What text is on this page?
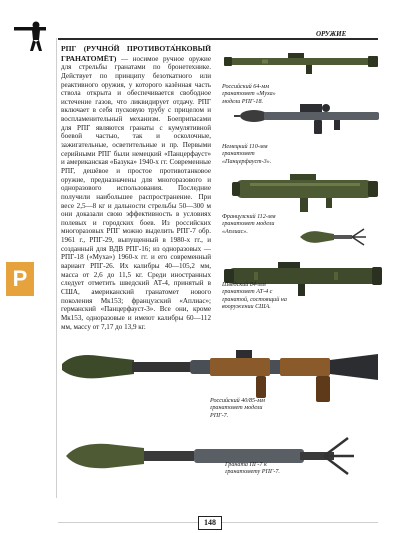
ОРУЖИЕ
Р
РПГ (РУЧНО́Й ПРОТИВОТА́НКОВЫЙ ГРАНАТОМЁТ) — носимое ручное оружие для стрельбы гранатами по бронетехнике. Действует по принципу безоткатного или реактивного оружия, у которого казённая часть ствола открыта и обеспечивается свободное истечение газов, что ликвидирует отдачу. РПГ включает в себя пусковую трубу с прицелом и воспламенительный механизм. Боеприпасами для РПГ являются гранаты с кумулятивной боевой частью, так и осколочные, зажигательные, осветительные и пр. Первыми серийными РПГ были немецкий «Панцерфауст» и американская «Базука» 1940-х гг. Современные РПГ, дешёвое и простое противотанковое оружие, предназначены для многоразового и одноразового использования. Последние получили наибольшее распространение. При весе 2,5—8 кг и дальности стрельбы 50—300 м они доказали свою эффективность в условиях полевых и городских боев. Из российских многоразовых РПГ можно выделить РПГ-7 обр. 1961 г., РПГ-29, выпущенный в 1980-х гг., и созданный для ВДВ РПГ-16; из одноразовых — РПГ-18 («Муха») 1960-х гг. и его современный вариант РПГ-26. Их калибры 40—105,2 мм, масса от 2,6 до 11,5 кг. Среди иностранных следует отметить шведский АТ-4, принятый в США, американский гранатомет нового поколения Мк153; французский «Аплиас»; германский «Панцерфауст-3». Все они, кроме Мк153, одноразовые и имеют калибры 60—112 мм, массу от 7,17 до 13,9 кг.
Российский 64-мм гранатомет «Муха» модели РПГ-18.
Немецкий 110-мм гранатомет «Панцерфауст-3».
Французский 112-мм гранатомет модели «Аплиас».
Шведский 84-мм гранатомет АТ-4 с гранатой, состоящий на вооружении США.
Российский 40/85-мм гранатомет модели РПГ-7.
Граната ПГ-7 к гранатомету РПГ-7.
148
